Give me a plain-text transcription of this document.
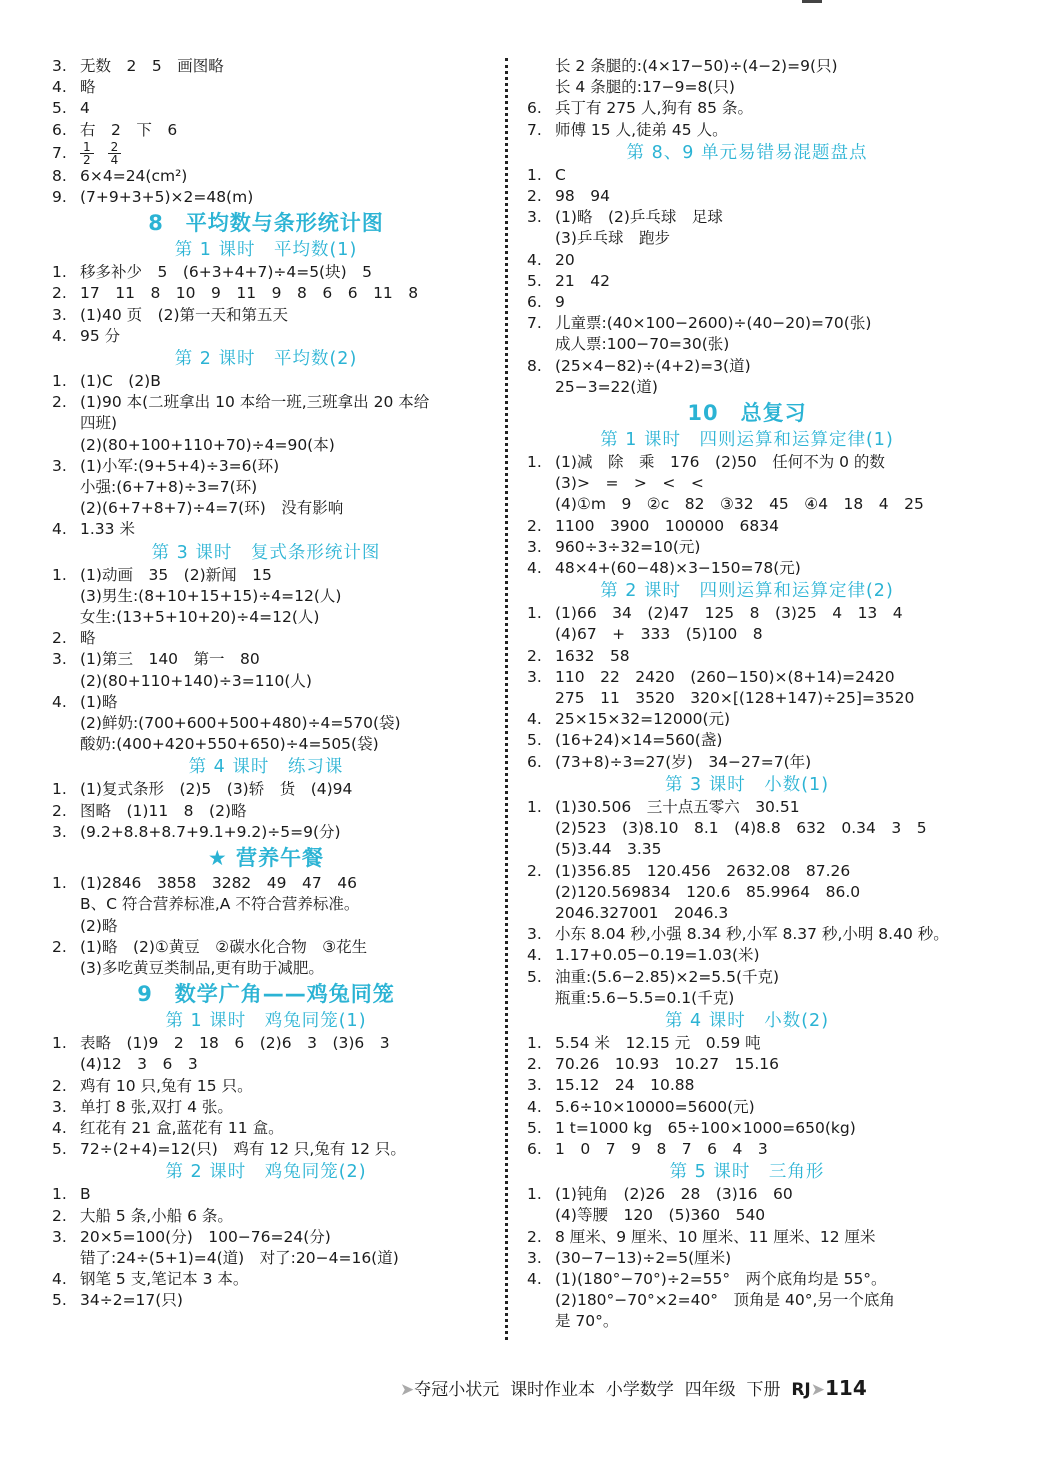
3. 无数　2　5　画图略
4. 略
5. 4
6. 右　2　下　6
7. $\frac{1}{2} \frac{2}{4}$
8. 6×4=24(cm²)
9. (7+9+3+5)×2=48(m)
8　平均数与条形统计图
第 1 课时　平均数(1)
1. 移多补少　5　(6+3+4+7)÷4=5(块)　5
2. 17　11　8　10　9　11　9　8　6　6　11　8
3. (1)40 页　(2)第一天和第五天
4. 95 分
第 2 课时　平均数(2)
1. (1)C　(2)B
2. (1)90 本(二班拿出 10 本给一班,三班拿出 20 本给
四班)
(2)(80+100+110+70)÷4=90(本)
3. (1)小军:(9+5+4)÷3=6(环)
小强:(6+7+8)÷3=7(环)
(2)(6+7+8+7)÷4=7(环)　没有影响
4. 1.33 米
第 3 课时　复式条形统计图
1. (1)动画　35　(2)新闻　15
(3)男生:(8+10+15+15)÷4=12(人)
女生:(13+5+10+20)÷4=12(人)
2. 略
3. (1)第三　140　第一　80
(2)(80+110+140)÷3=110(人)
4. (1)略
(2)鲜奶:(700+600+500+480)÷4=570(袋)
酸奶:(400+420+550+650)÷4=505(袋)
第 4 课时　练习课
1. (1)复式条形　(2)5　(3)轿　货　(4)94
2. 图略　(1)11　8　(2)略
3. (9.2+8.8+8.7+9.1+9.2)÷5=9(分)
★ 营养午餐
1. (1)2846　3858　3282　49　47　46
B、C 符合营养标准,A 不符合营养标准。
(2)略
2. (1)略　(2)①黄豆　②碳水化合物　③花生
(3)多吃黄豆类制品,更有助于减肥。
9　数学广角——鸡兔同笼
第 1 课时　鸡兔同笼(1)
1. 表略　(1)9　2　18　6　(2)6　3　(3)6　3
(4)12　3　6　3
2. 鸡有 10 只,兔有 15 只。
3. 单打 8 张,双打 4 张。
4. 红花有 21 盒,蓝花有 11 盒。
5. 72÷(2+4)=12(只)　鸡有 12 只,兔有 12 只。
第 2 课时　鸡兔同笼(2)
1. B
2. 大船 5 条,小船 6 条。
3. 20×5=100(分)　100−76=24(分)
错了:24÷(5+1)=4(道)　对了:20−4=16(道)
4. 钢笔 5 支,笔记本 3 本。
5. 34÷2=17(只)
长 2 条腿的:(4×17−50)÷(4−2)=9(只)
长 4 条腿的:17−9=8(只)
6. 兵丁有 275 人,狗有 85 条。
7. 师傅 15 人,徒弟 45 人。
第 8、9 单元易错易混题盘点
1. C
2. 98　94
3. (1)略　(2)乒乓球　足球
(3)乒乓球　跑步
4. 20
5. 21　42
6. 9
7. 儿童票:(40×100−2600)÷(40−20)=70(张)
成人票:100−70=30(张)
8. (25×4−82)÷(4+2)=3(道)
25−3=22(道)
10　总复习
第 1 课时　四则运算和运算定律(1)
1. (1)减　除　乘　176　(2)50　任何不为 0 的数
(3)>　=　>　<　<
(4)①m　9　②c　82　③32　45　④4　18　4　25
2. 1100　3900　100000　6834
3. 960÷3÷32=10(元)
4. 48×4+(60−48)×3−150=78(元)
第 2 课时　四则运算和运算定律(2)
1. (1)66　34　(2)47　125　8　(3)25　4　13　4
(4)67　+　333　(5)100　8
2. 1632　58
3. 110　22　2420　(260−150)×(8+14)=2420
275　11　3520　320×[(128+147)÷25]=3520
4. 25×15×32=12000(元)
5. (16+24)×14=560(盏)
6. (73+8)÷3=27(岁)　34−27=7(年)
第 3 课时　小数(1)
1. (1)30.506　三十点五零六　30.51
(2)523　(3)8.10　8.1　(4)8.8　632　0.34　3　5
(5)3.44　3.35
2. (1)356.85　120.456　2632.08　87.26
(2)120.569834　120.6　85.9964　86.0
2046.327001　2046.3
3. 小东 8.04 秒,小强 8.34 秒,小军 8.37 秒,小明 8.40 秒。
4. 1.17+0.05−0.19=1.03(米)
5. 油重:(5.6−2.85)×2=5.5(千克)
瓶重:5.6−5.5=0.1(千克)
第 4 课时　小数(2)
1. 5.54 米　12.15 元　0.59 吨
2. 70.26　10.93　10.27　15.16
3. 15.12　24　10.88
4. 5.6÷10×10000=5600(元)
5. 1 t=1000 kg　65÷100×1000=650(kg)
6. 1　0　7　9　8　7　6　4　3
第 5 课时　三角形
1. (1)钝角　(2)26　28　(3)16　60
(4)等腰　120　(5)360　540
2. 8 厘米、9 厘米、10 厘米、11 厘米、12 厘米
3. (30−7−13)÷2=5(厘米)
4. (1)(180°−70°)÷2=55°　两个底角均是 55°。
(2)180°−70°×2=40°　顶角是 40°,另一个底角
是 70°。
➤夺冠小状元 课时作业本 小学数学 四年级 下册 RJ➤114
